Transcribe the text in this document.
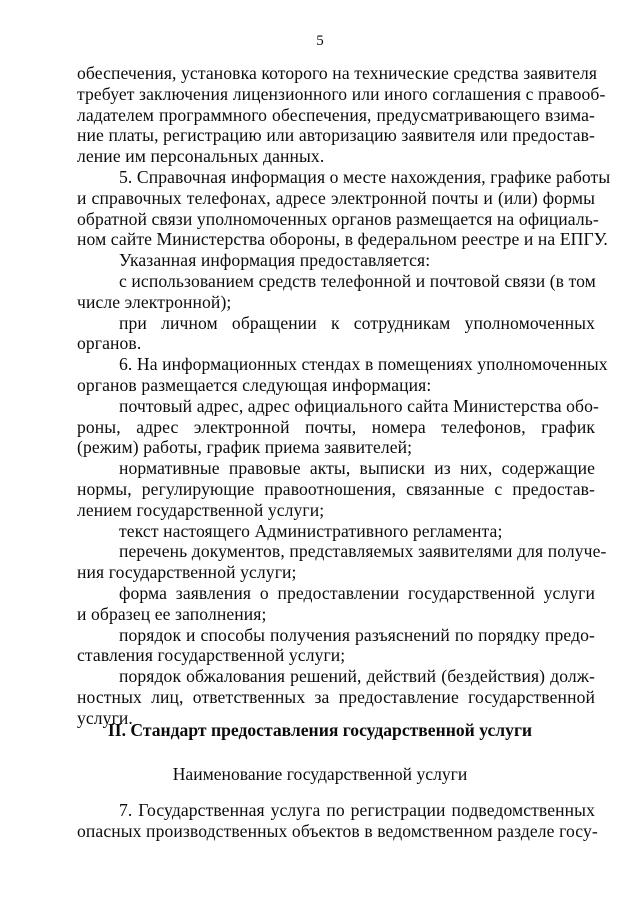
5
обеспечения, установка которого на технические средства заявителя
требует заключения лицензионного или иного соглашения с правооб-
ладателем программного обеспечения, предусматривающего взима-
ние платы, регистрацию или авторизацию заявителя или предостав-
ление им персональных данных.
5. Справочная информация о месте нахождения, графике работы
и справочных телефонах, адресе электронной почты и (или) формы
обратной связи уполномоченных органов размещается на официаль-
ном сайте Министерства обороны, в федеральном реестре и на ЕПГУ.
Указанная информация предоставляется:
с использованием средств телефонной и почтовой связи (в том
числе электронной);
при личном обращении к сотрудникам уполномоченных
органов.
6. На информационных стендах в помещениях уполномоченных
органов размещается следующая информация:
почтовый адрес, адрес официального сайта Министерства обо-
роны, адрес электронной почты, номера телефонов, график
(режим) работы, график приема заявителей;
нормативные правовые акты, выписки из них, содержащие
нормы, регулирующие правоотношения, связанные с предостав-
лением государственной услуги;
текст настоящего Административного регламента;
перечень документов, представляемых заявителями для получе-
ния государственной услуги;
форма заявления о предоставлении государственной услуги
и образец ее заполнения;
порядок и способы получения разъяснений по порядку предо-
ставления государственной услуги;
порядок обжалования решений, действий (бездействия) долж-
ностных лиц, ответственных за предоставление государственной
услуги.
II. Стандарт предоставления государственной услуги
Наименование государственной услуги
7. Государственная услуга по регистрации подведомственных
опасных производственных объектов в ведомственном разделе госу-
